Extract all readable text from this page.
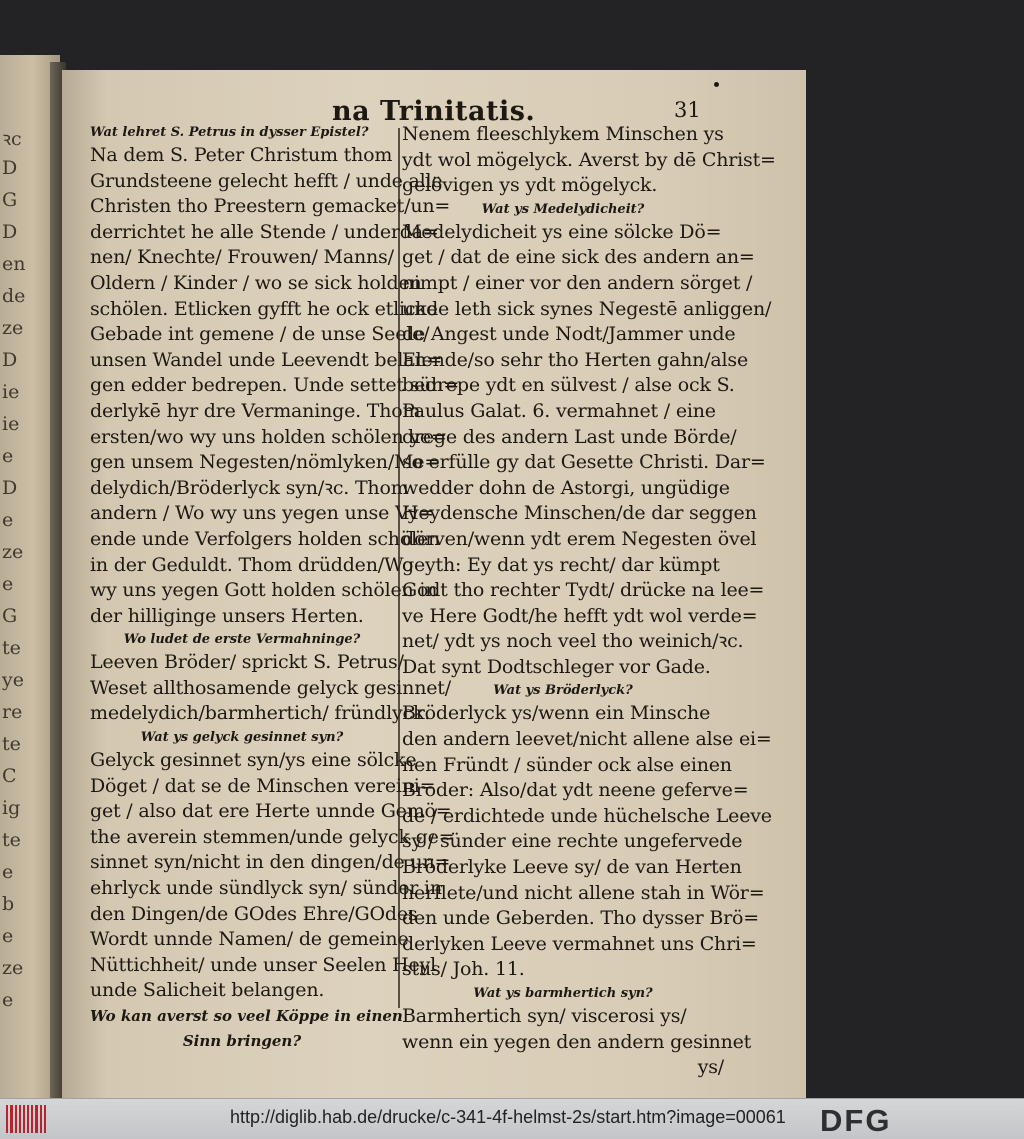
ꝛc
D
G
D
en
de
ze
D
ie
ie
e
D
e
ze
e
G
te
ye
re
te
C
ig
te
e
b
e
ze
e
na Trinitatis.	31
Wat lehret S. Petrus in dysser Epistel?
Na dem S. Peter Christum thom
Grundsteene gelecht hefft / unde alle
Christen tho Preestern gemacket/un=
derrichtet he alle Stende / underda=
nen/ Knechte/ Frouwen/ Manns/
Oldern / Kinder / wo se sick holden
schölen. Etlicken gyfft he ock etlicke
Gebade int gemene / de unse Seele/
unsen Wandel unde Leevendt belan=
gen edder bedrepen. Unde settet sün=
derlykē hyr dre Vermaninge. Thom
ersten/wo wy uns holden schölen ye=
gen unsem Negesten/nömlyken/Me=
delydich/Bröderlyck syn/ꝛc. Thom
andern / Wo wy uns yegen unse Vy=
ende unde Verfolgers holden schölen
in der Geduldt. Thom drüdden/Wo
wy uns yegen Gott holden schölen in
der hilliginge unsers Herten.
Wo ludet de erste Vermahninge?
Leeven Bröder/ sprickt S. Petrus/
Weset allthosamende gelyck gesinnet/
medelydich/barmhertich/ fründlyck.
Wat ys gelyck gesinnet syn?
Gelyck gesinnet syn/ys eine sölcke
Döget / dat se de Minschen vereini=
get / also dat ere Herte unnde Gemö=
the averein stemmen/unde gelyck ge=
sinnet syn/nicht in den dingen/de un=
ehrlyck unde sündlyck syn/ sünder in
den Dingen/de GOdes Ehre/GOdes
Wordt unnde Namen/ de gemeine
Nüttichheit/ unde unser Seelen Heyl
unde Salicheit belangen.
Wo kan averst so veel Köppe in einen
Sinn bringen?
Nenem fleeschlykem Minschen ys
ydt wol mögelyck. Averst by dē Christ=
gelövigen ys ydt mögelyck.
Wat ys Medelydicheit?
Medelydicheit ys eine sölcke Dö=
get / dat de eine sick des andern an=
nimpt / einer vor den andern sörget /
unde leth sick synes Negestē anliggen/
de Angest unde Nodt/Jammer unde
Elende/so sehr tho Herten gahn/alse
bedrepe ydt en sülvest / alse ock S.
Paulus Galat. 6. vermahnet / eine
drege des andern Last unde Börde/
so erfülle gy dat Gesette Christi. Dar=
wedder dohn de Astorgi, ungüdige
Heydensche Minschen/de dar seggen
dörven/wenn ydt erem Negesten övel
geyth: Ey dat ys recht/ dar kümpt
Godt tho rechter Tydt/ drücke na lee=
ve Here Godt/he hefft ydt wol verde=
net/ ydt ys noch veel tho weinich/ꝛc.
Dat synt Dodtschleger vor Gade.
Wat ys Bröderlyck?
Bröderlyck ys/wenn ein Minsche
den andern leevet/nicht allene alse ei=
nen Fründt / sünder ock alse einen
Broder: Also/dat ydt neene geferve=
de / erdichtede unde hüchelsche Leeve
sy / sünder eine rechte ungefervede
Bröderlyke Leeve sy/ de van Herten
herflete/und nicht allene stah in Wör=
den unde Geberden. Tho dysser Brö=
derlyken Leeve vermahnet uns Chri=
stus/ Joh. 11.
Wat ys barmhertich syn?
Barmhertich syn/ viscerosi ys/
wenn ein yegen den andern gesinnet
ys/
http://diglib.hab.de/drucke/c-341-4f-helmst-2s/start.htm?image=00061 DFG
